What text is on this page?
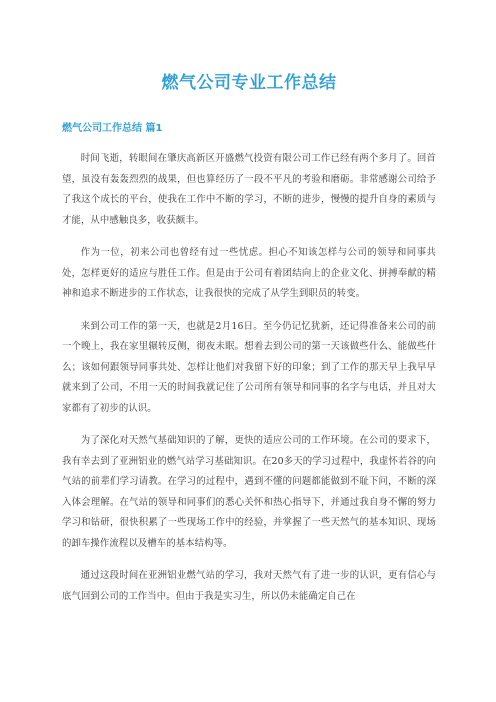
燃气公司专业工作总结
燃气公司工作总结 篇1

时间飞逝，转眼间在肇庆高新区开盛燃气投资有限公司工作已经有两个多月了。回首望，虽没有轰轰烈烈的战果，但也算经历了一段不平凡的考验和磨砺。非常感谢公司给予了我这个成长的平台，使我在工作中不断的学习，不断的进步，慢慢的提升自身的素质与才能，从中感触良多，收获颇丰。

作为一位，初来公司也曾经有过一些忧虑。担心不知该怎样与公司的领导和同事共处，怎样更好的适应与胜任工作。但是由于公司有着团结向上的企业文化、拼搏奉献的精神和追求不断进步的工作状态，让我很快的完成了从学生到职员的转变。

来到公司工作的第一天，也就是2月16日。至今仍记忆犹新，还记得准备来公司的前一个晚上，我在家里辗转反侧，彻夜未眠。想着去到公司的第一天该做些什么、能做些什么；该如何跟领导同事共处、怎样让他们对我留下好的印象；到了工作的那天早上我早早就来到了公司，不用一天的时间我就记住了公司所有领导和同事的名字与电话，并且对大家都有了初步的认识。

为了深化对天然气基础知识的了解，更快的适应公司的工作环境。在公司的要求下，我有幸去到了亚洲铝业的燃气站学习基础知识。在20多天的学习过程中，我虚怀若谷的向气站的前辈们学习请教。在学习的过程中，遇到不懂的问题都能做到不耻下问，不断的深入体会理解。在气站的领导和同事们的悉心关怀和热心指导下，并通过我自身不懈的努力学习和钻研，很快积累了一些现场工作中的经验，并掌握了一些天然气的基本知识、现场的卸车操作流程以及槽车的基本结构等。

通过这段时间在亚洲铝业燃气站的学习，我对天然气有了进一步的认识，更有信心与底气回到公司的工作当中。但由于我是实习生，所以仍未能确定自己在
